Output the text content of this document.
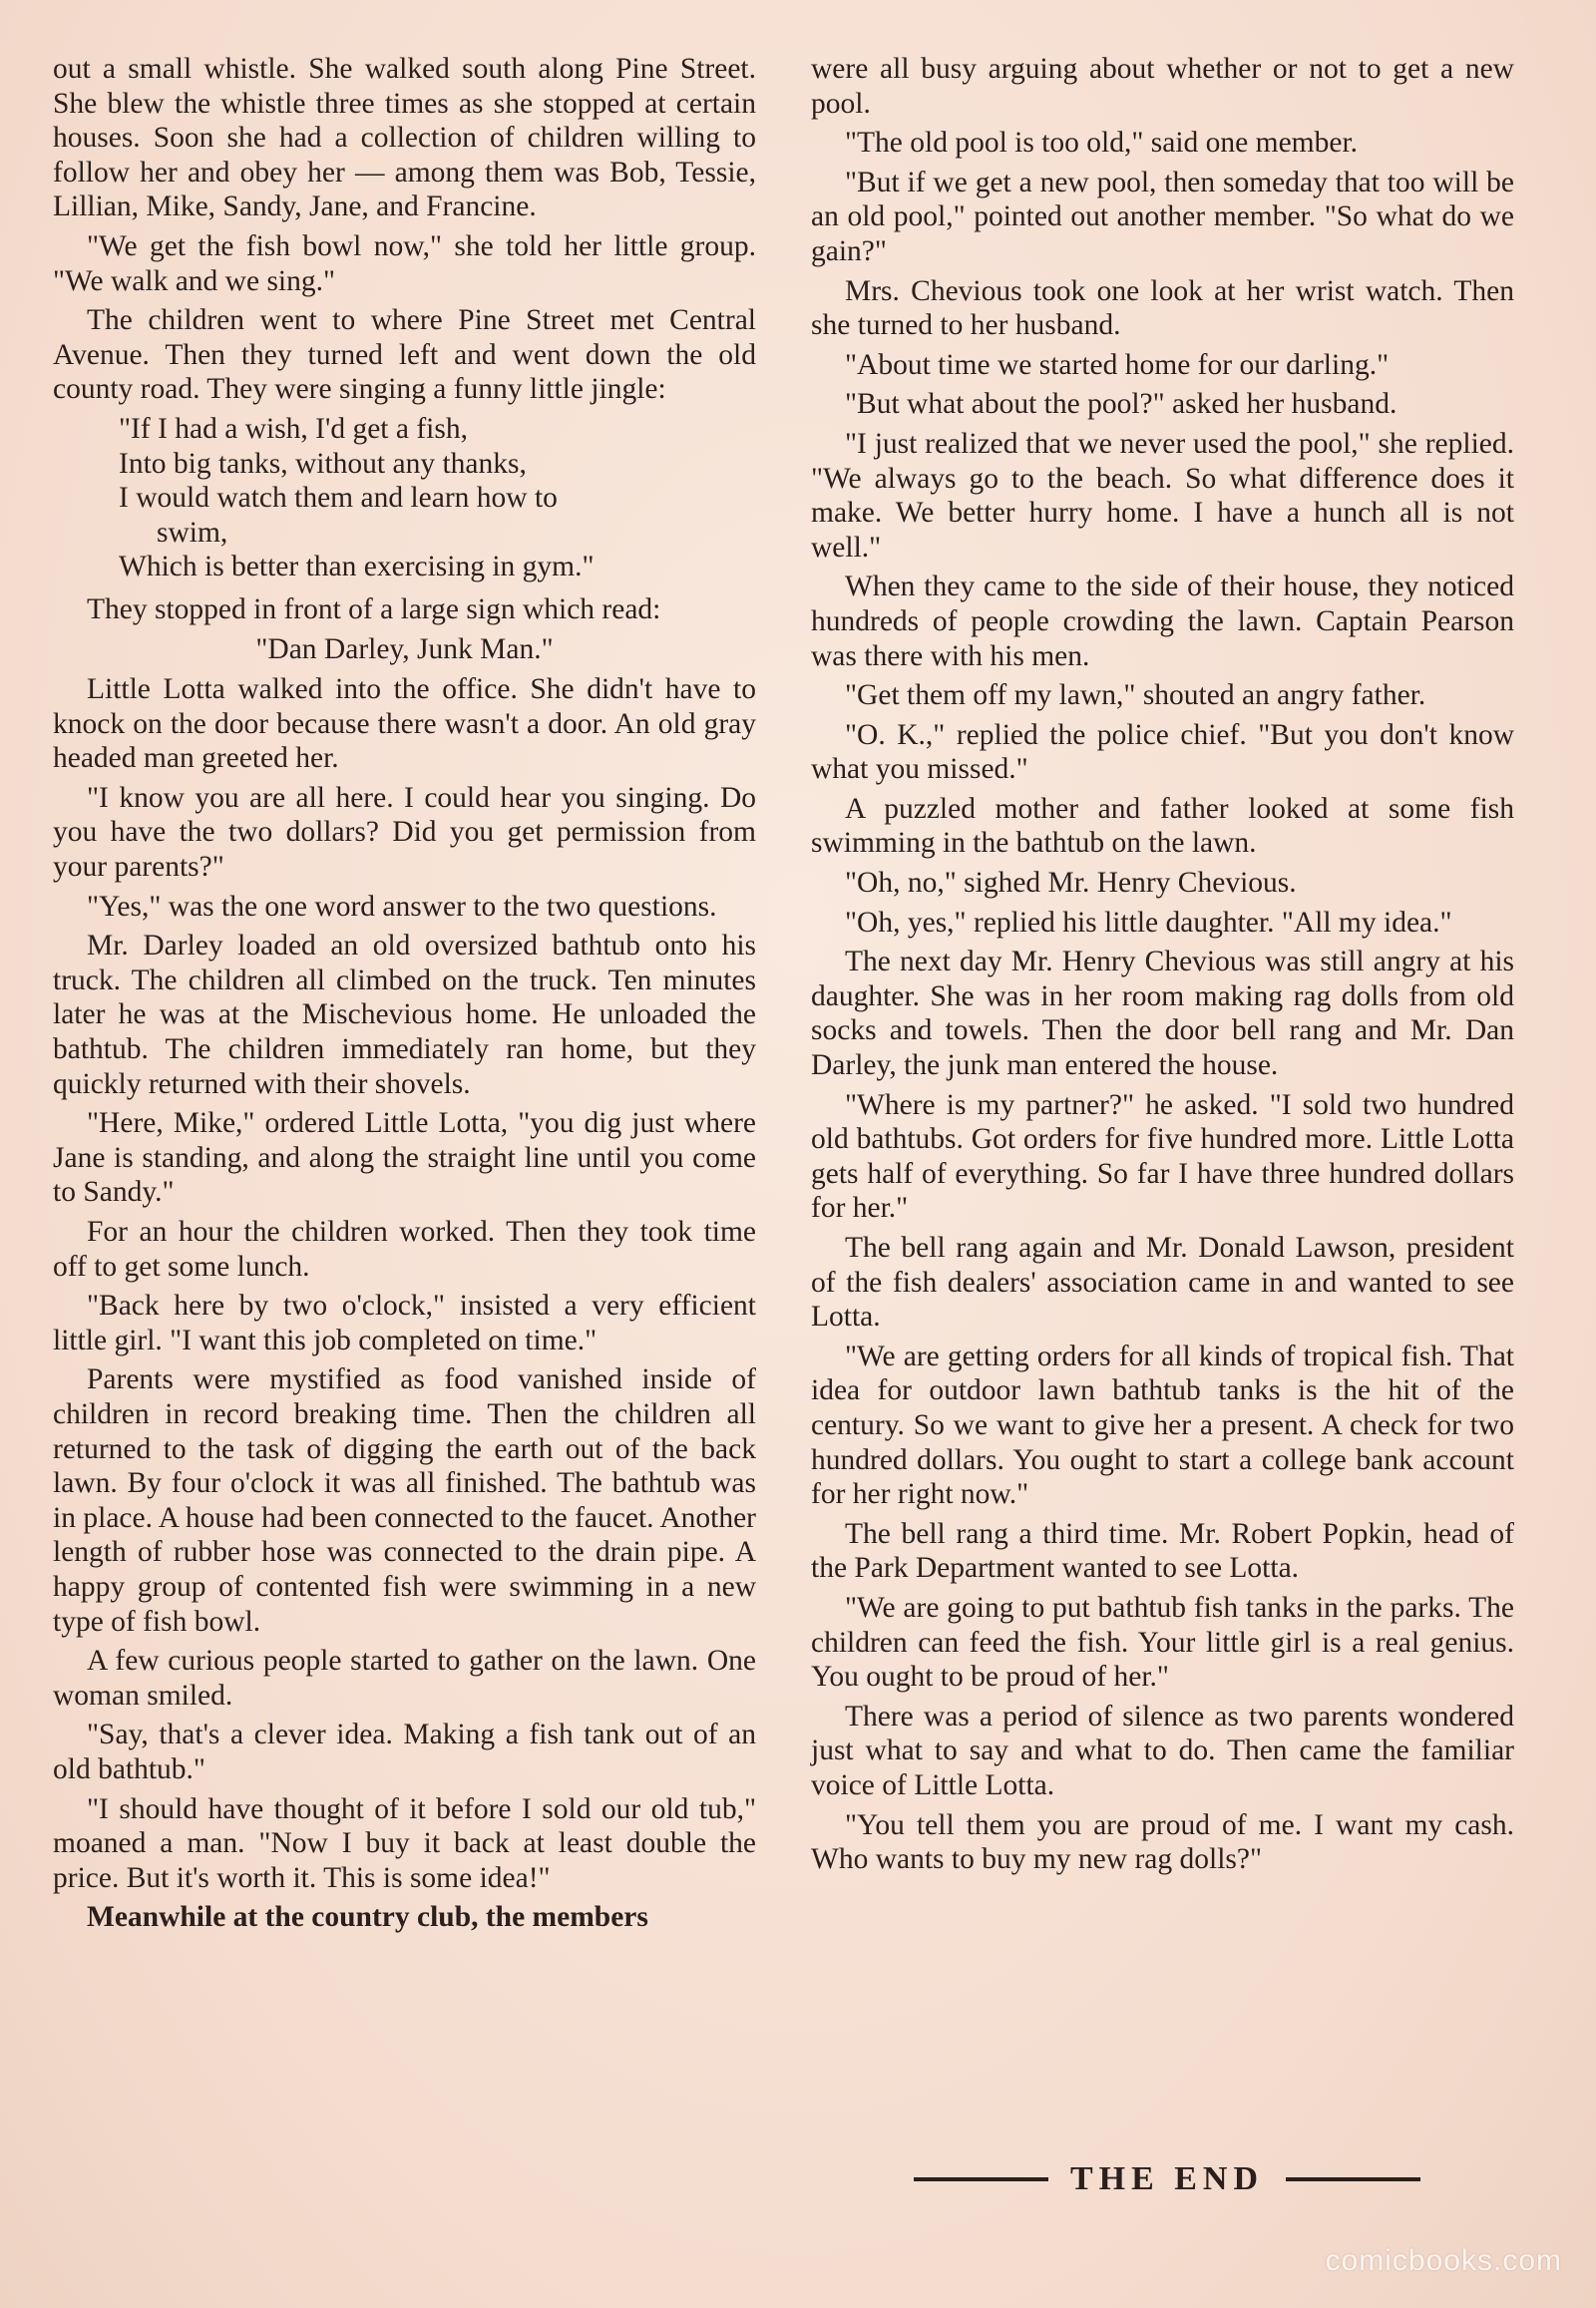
out a small whistle. She walked south along Pine Street. She blew the whistle three times as she stopped at certain houses. Soon she had a collection of children willing to follow her and obey her — among them was Bob, Tessie, Lillian, Mike, Sandy, Jane, and Francine.

"We get the fish bowl now," she told her little group. "We walk and we sing."

The children went to where Pine Street met Central Avenue. Then they turned left and went down the old county road. They were singing a funny little jingle:

"If I had a wish, I'd get a fish,
Into big tanks, without any thanks,
I would watch them and learn how to
swim,
Which is better than exercising in gym."

They stopped in front of a large sign which read:

"Dan Darley, Junk Man."

Little Lotta walked into the office. She didn't have to knock on the door because there wasn't a door. An old gray headed man greeted her.

"I know you are all here. I could hear you singing. Do you have the two dollars? Did you get permission from your parents?"

"Yes," was the one word answer to the two questions.

Mr. Darley loaded an old oversized bathtub onto his truck. The children all climbed on the truck. Ten minutes later he was at the Mischevious home. He unloaded the bathtub. The children immediately ran home, but they quickly returned with their shovels.

"Here, Mike," ordered Little Lotta, "you dig just where Jane is standing, and along the straight line until you come to Sandy."

For an hour the children worked. Then they took time off to get some lunch.

"Back here by two o'clock," insisted a very efficient little girl. "I want this job completed on time."

Parents were mystified as food vanished inside of children in record breaking time. Then the children all returned to the task of digging the earth out of the back lawn. By four o'clock it was all finished. The bathtub was in place. A house had been connected to the faucet. Another length of rubber hose was connected to the drain pipe. A happy group of contented fish were swimming in a new type of fish bowl.

A few curious people started to gather on the lawn. One woman smiled.

"Say, that's a clever idea. Making a fish tank out of an old bathtub."

"I should have thought of it before I sold our old tub," moaned a man. "Now I buy it back at least double the price. But it's worth it. This is some idea!"

Meanwhile at the country club, the members

were all busy arguing about whether or not to get a new pool.

"The old pool is too old," said one member.

"But if we get a new pool, then someday that too will be an old pool," pointed out another member. "So what do we gain?"

Mrs. Chevious took one look at her wrist watch. Then she turned to her husband.

"About time we started home for our darling."

"But what about the pool?" asked her husband.

"I just realized that we never used the pool," she replied. "We always go to the beach. So what difference does it make. We better hurry home. I have a hunch all is not well."

When they came to the side of their house, they noticed hundreds of people crowding the lawn. Captain Pearson was there with his men.

"Get them off my lawn," shouted an angry father.

"O. K.," replied the police chief. "But you don't know what you missed."

A puzzled mother and father looked at some fish swimming in the bathtub on the lawn.

"Oh, no," sighed Mr. Henry Chevious.

"Oh, yes," replied his little daughter. "All my idea."

The next day Mr. Henry Chevious was still angry at his daughter. She was in her room making rag dolls from old socks and towels. Then the door bell rang and Mr. Dan Darley, the junk man entered the house.

"Where is my partner?" he asked. "I sold two hundred old bathtubs. Got orders for five hundred more. Little Lotta gets half of everything. So far I have three hundred dollars for her."

The bell rang again and Mr. Donald Lawson, president of the fish dealers' association came in and wanted to see Lotta.

"We are getting orders for all kinds of tropical fish. That idea for outdoor lawn bathtub tanks is the hit of the century. So we want to give her a present. A check for two hundred dollars. You ought to start a college bank account for her right now."

The bell rang a third time. Mr. Robert Popkin, head of the Park Department wanted to see Lotta.

"We are going to put bathtub fish tanks in the parks. The children can feed the fish. Your little girl is a real genius. You ought to be proud of her."

There was a period of silence as two parents wondered just what to say and what to do. Then came the familiar voice of Little Lotta.

"You tell them you are proud of me. I want my cash. Who wants to buy my new rag dolls?"

THE END
comicbooks.com
